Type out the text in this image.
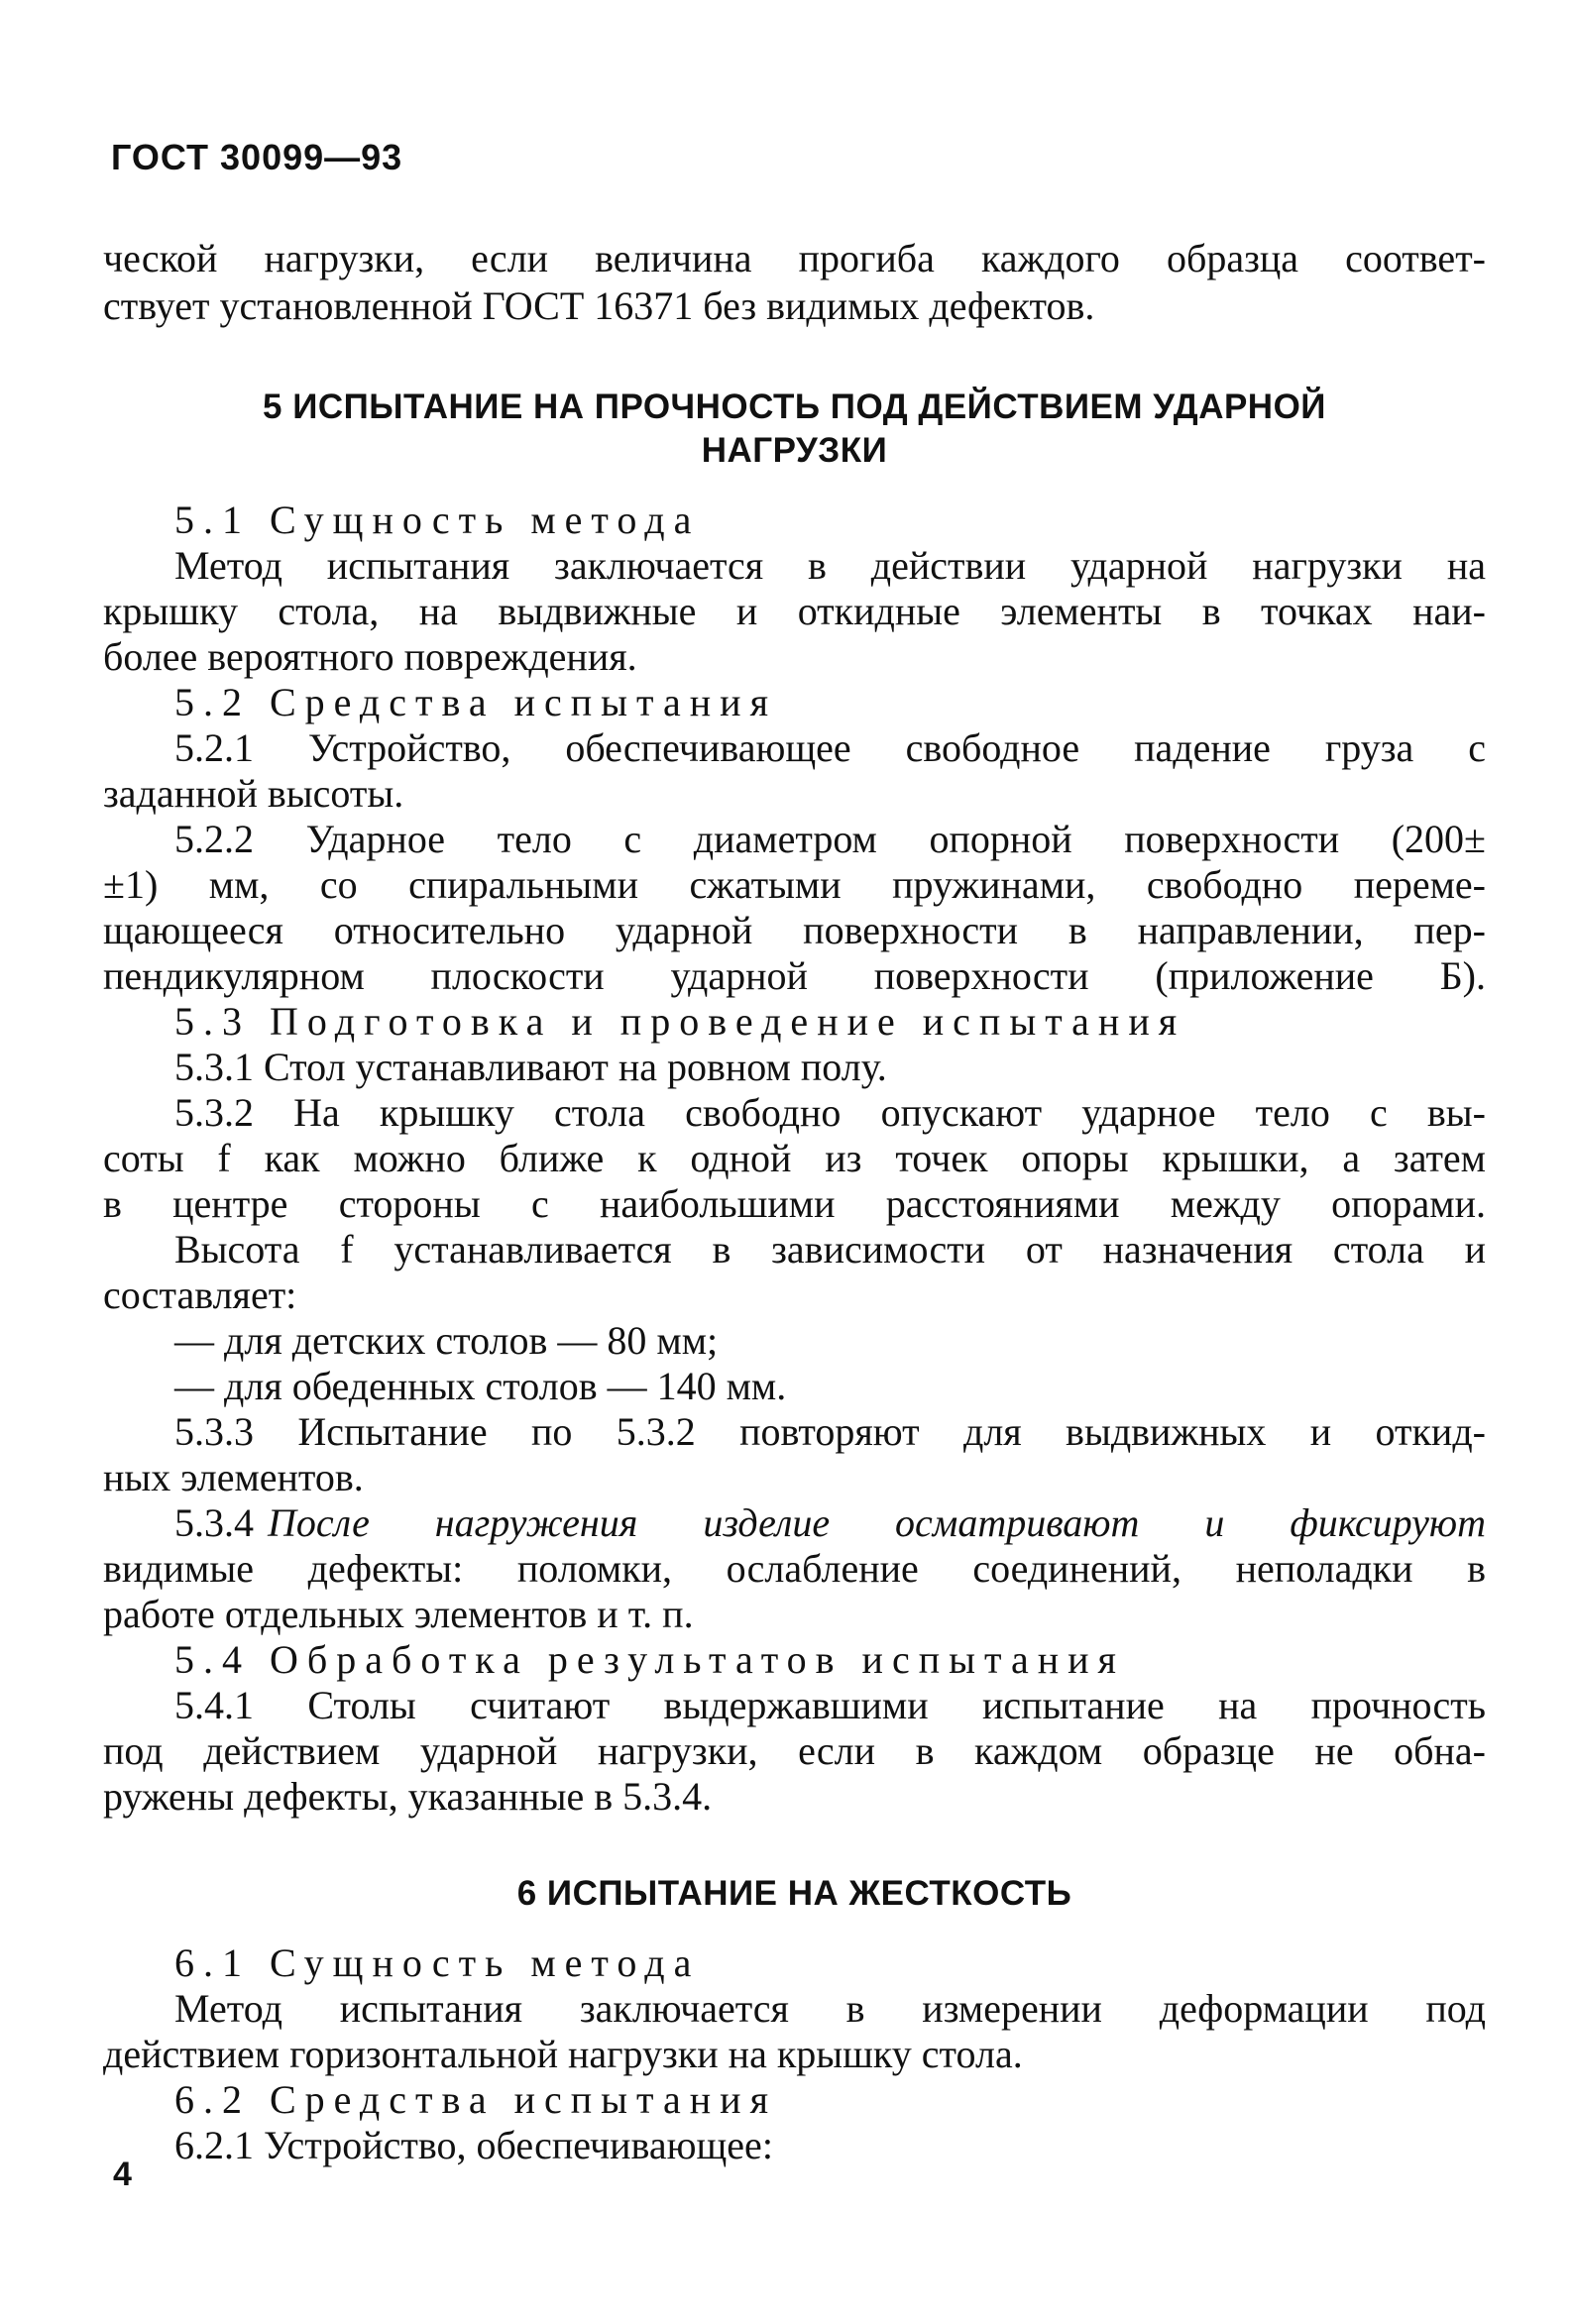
ГОСТ 30099—93
ческой нагрузки, если величина прогиба каждого образца соответ-
ствует установленной ГОСТ 16371 без видимых дефектов.
5 ИСПЫТАНИЕ НА ПРОЧНОСТЬ ПОД ДЕЙСТВИЕМ УДАРНОЙ
НАГРУЗКИ
5.1 Сущность метода
Метод испытания заключается в действии ударной нагрузки на
крышку стола, на выдвижные и откидные элементы в точках наи-
более вероятного повреждения.
5.2 Средства испытания
5.2.1 Устройство, обеспечивающее свободное падение груза с
заданной высоты.
5.2.2 Ударное тело с диаметром опорной поверхности (200±
±1) мм, со спиральными сжатыми пружинами, свободно переме-
щающееся относительно ударной поверхности в направлении, пер-
пендикулярном плоскости ударной поверхности (приложение Б).
5.3 Подготовка и проведение испытания
5.3.1 Стол устанавливают на ровном полу.
5.3.2 На крышку стола свободно опускают ударное тело с вы-
соты f как можно ближе к одной из точек опоры крышки, а затем
в центре стороны с наибольшими расстояниями между опорами.
Высота f устанавливается в зависимости от назначения стола и
составляет:
— для детских столов — 80 мм;
— для обеденных столов — 140 мм.
5.3.3 Испытание по 5.3.2 повторяют для выдвижных и откид-
ных элементов.
5.3.4 После нагружения изделие осматривают и фиксируют
видимые дефекты: поломки, ослабление соединений, неполадки в
работе отдельных элементов и т. п.
5.4 Обработка результатов испытания
5.4.1 Столы считают выдержавшими испытание на прочность
под действием ударной нагрузки, если в каждом образце не обна-
ружены дефекты, указанные в 5.3.4.
6 ИСПЫТАНИЕ НА ЖЕСТКОСТЬ
6.1 Сущность метода
Метод испытания заключается в измерении деформации под
действием горизонтальной нагрузки на крышку стола.
6.2 Средства испытания
6.2.1 Устройство, обеспечивающее:
4
